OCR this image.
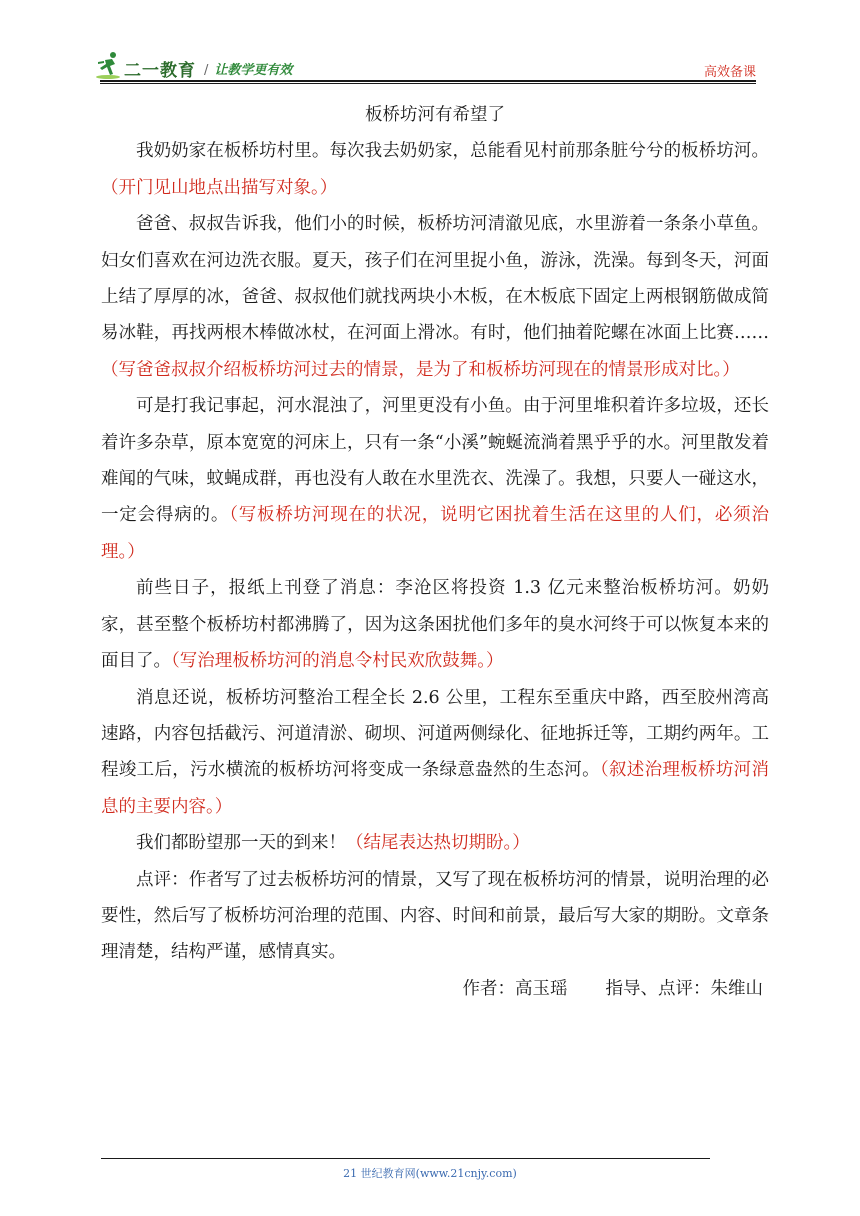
二一教育 / 让教学更有效	高效备课
板桥坊河有希望了

我奶奶家在板桥坊村里。每次我去奶奶家，总能看见村前那条脏兮兮的板桥坊河。（开门见山地点出描写对象。）

爸爸、叔叔告诉我，他们小的时候，板桥坊河清澈见底，水里游着一条条小草鱼。妇女们喜欢在河边洗衣服。夏天，孩子们在河里捉小鱼，游泳，洗澡。每到冬天，河面上结了厚厚的冰，爸爸、叔叔他们就找两块小木板，在木板底下固定上两根钢筋做成简易冰鞋，再找两根木棒做冰杖，在河面上滑冰。有时，他们抽着陀螺在冰面上比赛……（写爸爸叔叔介绍板桥坊河过去的情景，是为了和板桥坊河现在的情景形成对比。）

可是打我记事起，河水混浊了，河里更没有小鱼。由于河里堆积着许多垃圾，还长着许多杂草，原本宽宽的河床上，只有一条“小溪”蜿蜒流淌着黑乎乎的水。河里散发着难闻的气味，蚊蝇成群，再也没有人敢在水里洗衣、洗澡了。我想，只要人一碰这水，一定会得病的。（写板桥坊河现在的状况，说明它困扰着生活在这里的人们，必须治理。）

前些日子，报纸上刊登了消息：李沧区将投资 1.3 亿元来整治板桥坊河。奶奶家，甚至整个板桥坊村都沸腾了，因为这条困扰他们多年的臭水河终于可以恢复本来的面目了。（写治理板桥坊河的消息令村民欢欣鼓舞。）

消息还说，板桥坊河整治工程全长 2.6 公里，工程东至重庆中路，西至胶州湾高速路，内容包括截污、河道清淤、砌坝、河道两侧绿化、征地拆迁等，工期约两年。工程竣工后，污水横流的板桥坊河将变成一条绿意盎然的生态河。（叙述治理板桥坊河消息的主要内容。）

我们都盼望那一天的到来！（结尾表达热切期盼。）

点评：作者写了过去板桥坊河的情景，又写了现在板桥坊河的情景，说明治理的必要性，然后写了板桥坊河治理的范围、内容、时间和前景，最后写大家的期盼。文章条理清楚，结构严谨，感情真实。

作者：高玉瑶 指导、点评：朱维山

21 世纪教育网(www.21cnjy.com)
